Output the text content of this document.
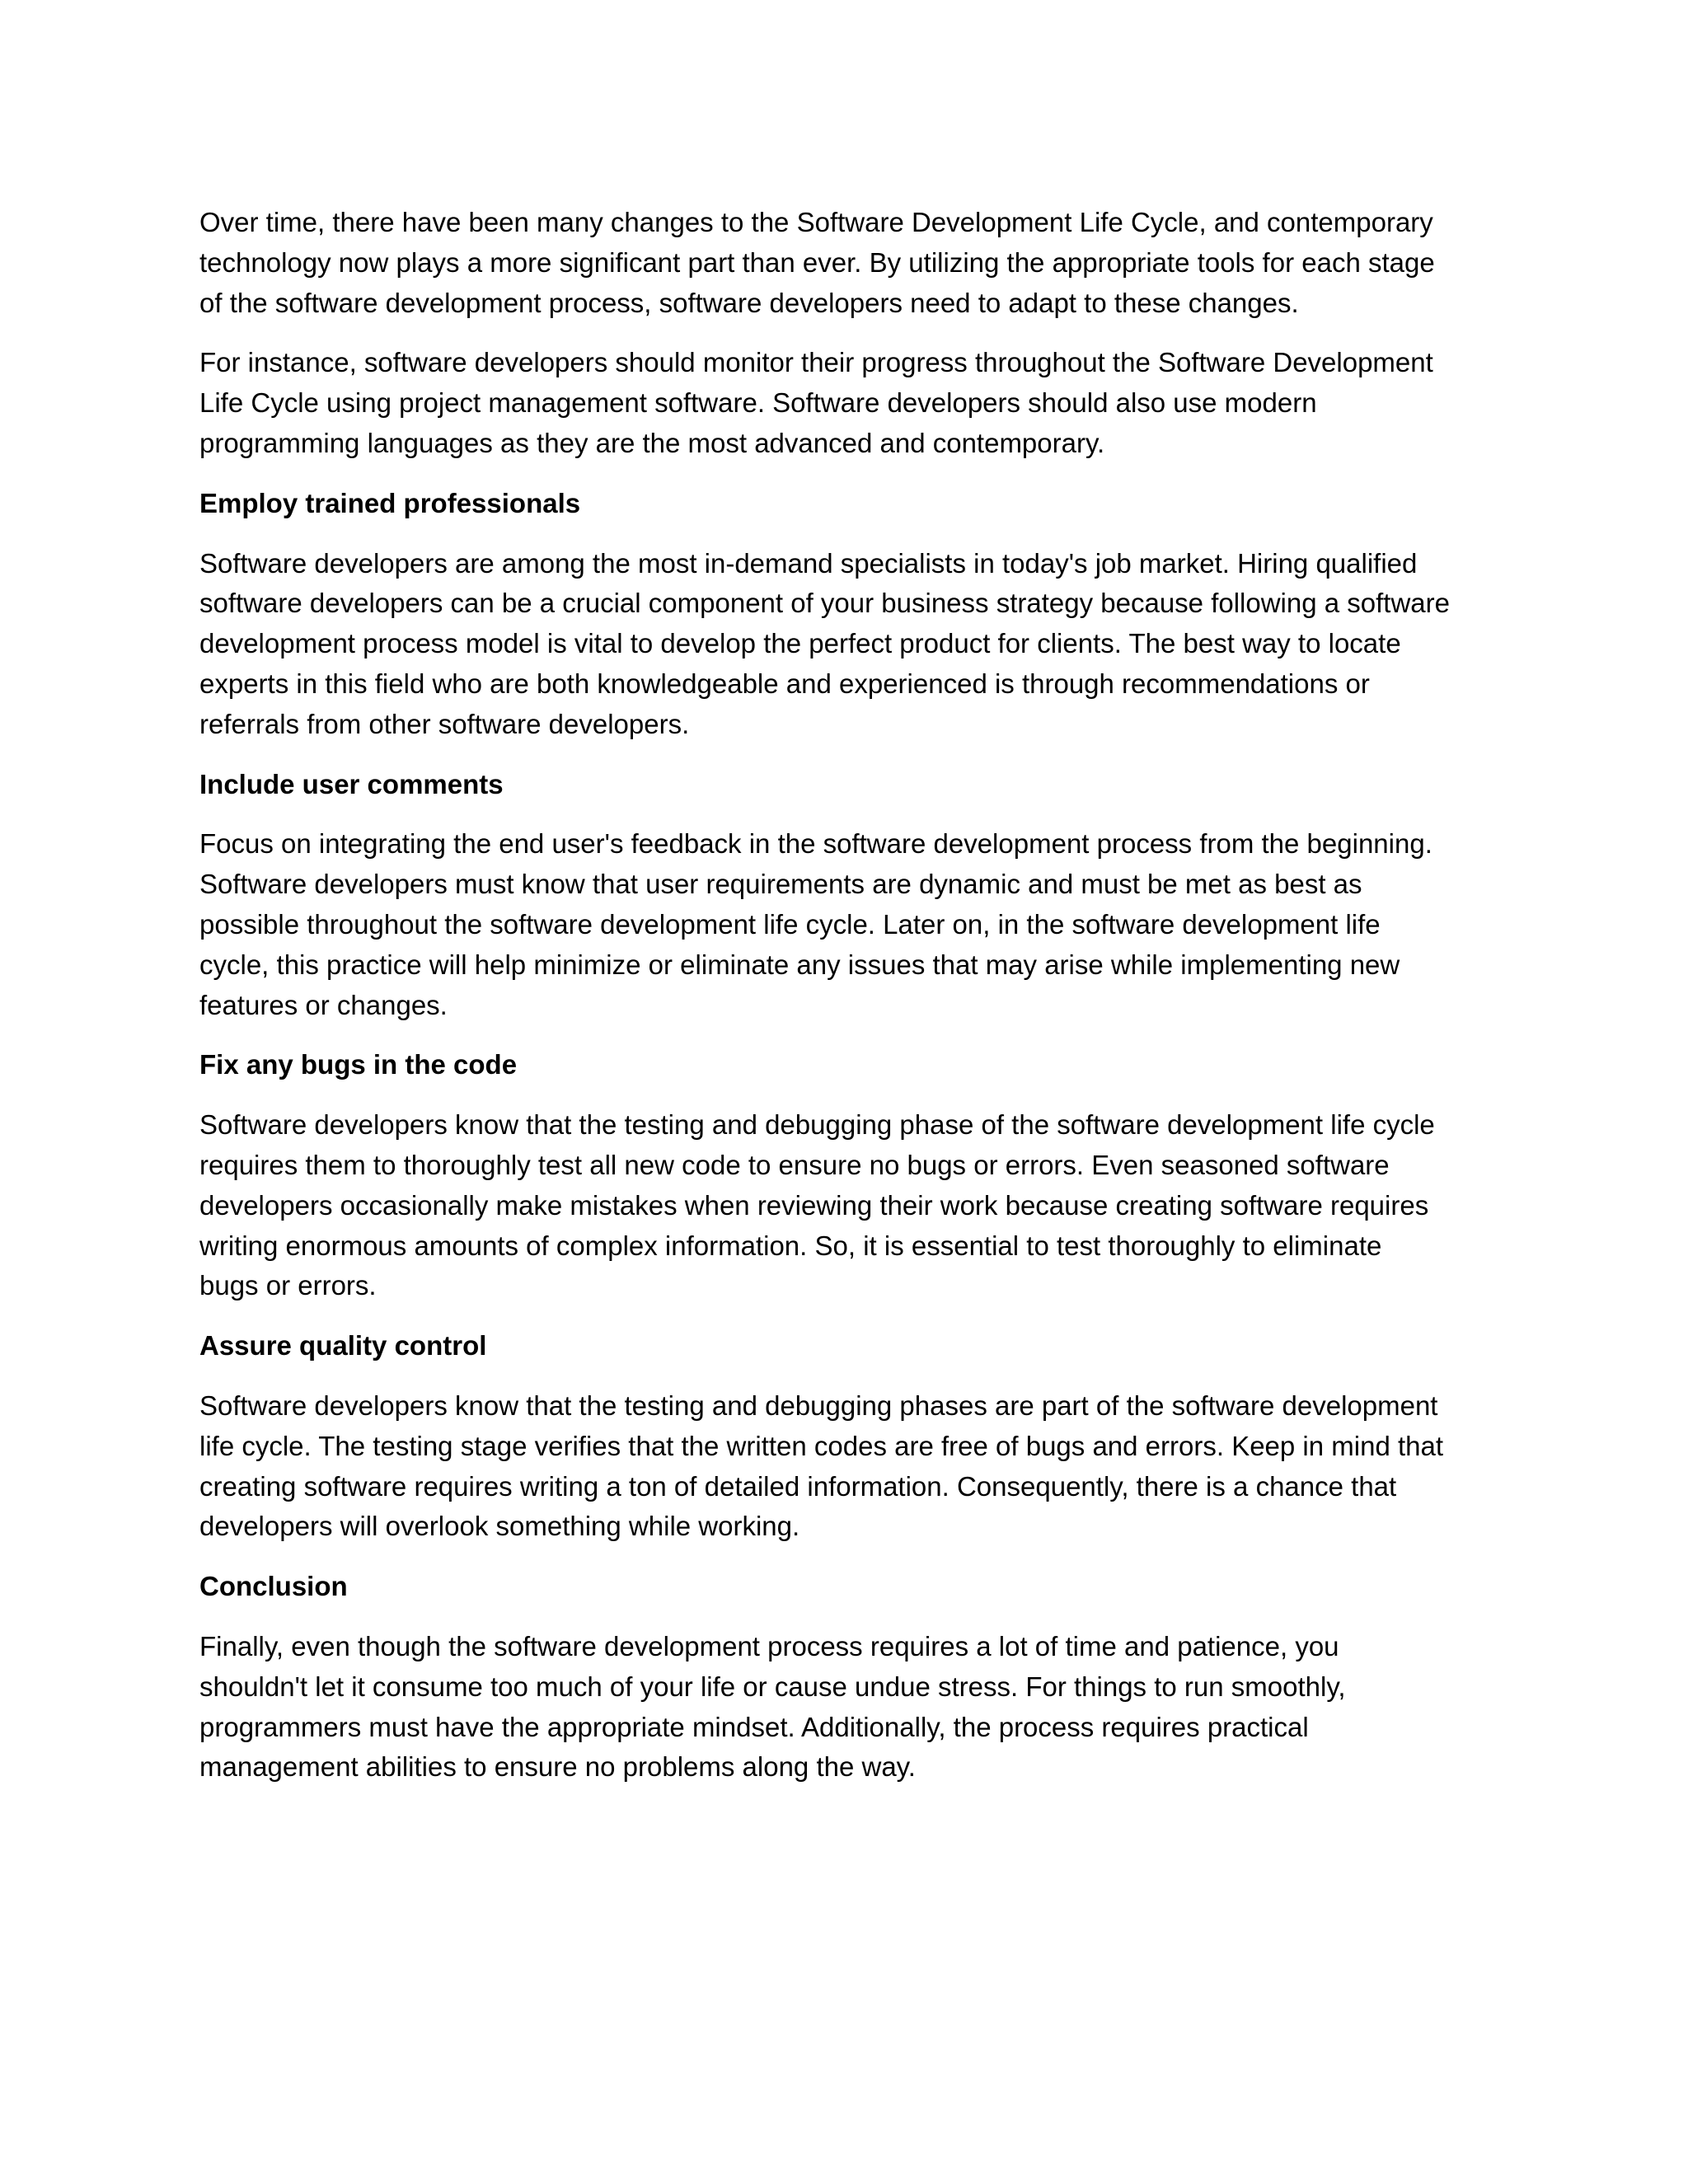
Over time, there have been many changes to the Software Development Life Cycle, and contemporary
technology now plays a more significant part than ever. By utilizing the appropriate tools for each stage
of the software development process, software developers need to adapt to these changes.

For instance, software developers should monitor their progress throughout the Software Development
Life Cycle using project management software. Software developers should also use modern
programming languages as they are the most advanced and contemporary.

Employ trained professionals

Software developers are among the most in-demand specialists in today's job market. Hiring qualified
software developers can be a crucial component of your business strategy because following a software
development process model is vital to develop the perfect product for clients. The best way to locate
experts in this field who are both knowledgeable and experienced is through recommendations or
referrals from other software developers.

Include user comments

Focus on integrating the end user's feedback in the software development process from the beginning.
Software developers must know that user requirements are dynamic and must be met as best as
possible throughout the software development life cycle. Later on, in the software development life
cycle, this practice will help minimize or eliminate any issues that may arise while implementing new
features or changes.

Fix any bugs in the code

Software developers know that the testing and debugging phase of the software development life cycle
requires them to thoroughly test all new code to ensure no bugs or errors. Even seasoned software
developers occasionally make mistakes when reviewing their work because creating software requires
writing enormous amounts of complex information. So, it is essential to test thoroughly to eliminate
bugs or errors.

Assure quality control

Software developers know that the testing and debugging phases are part of the software development
life cycle. The testing stage verifies that the written codes are free of bugs and errors. Keep in mind that
creating software requires writing a ton of detailed information. Consequently, there is a chance that
developers will overlook something while working.

Conclusion

Finally, even though the software development process requires a lot of time and patience, you
shouldn't let it consume too much of your life or cause undue stress. For things to run smoothly,
programmers must have the appropriate mindset. Additionally, the process requires practical
management abilities to ensure no problems along the way.
